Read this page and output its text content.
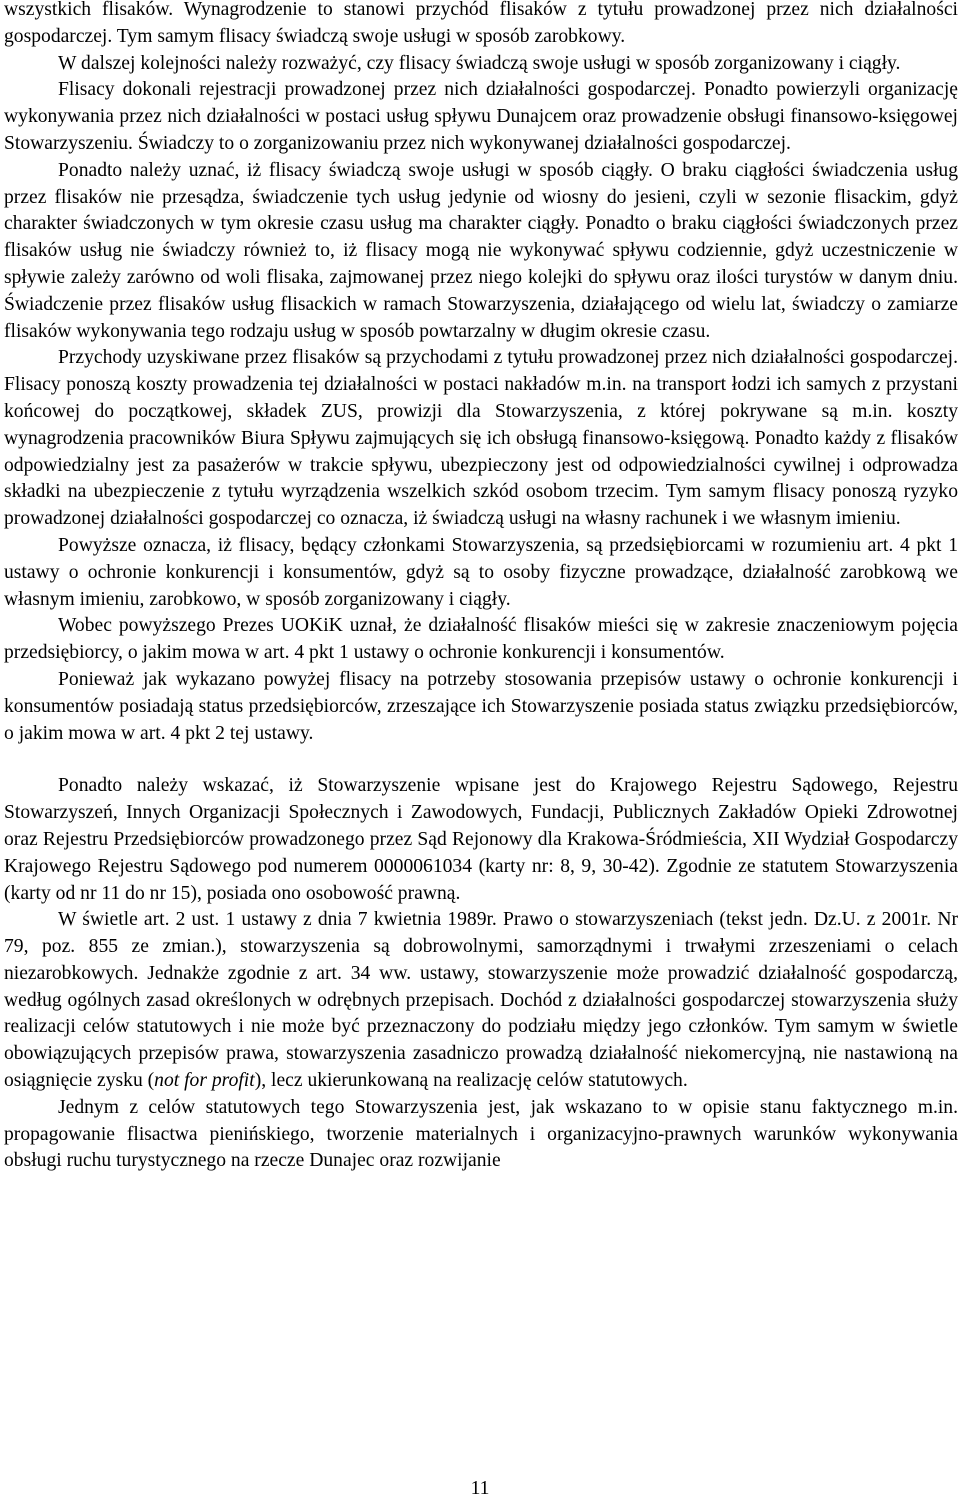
wszystkich flisaków. Wynagrodzenie to stanowi przychód flisaków z tytułu prowadzonej przez nich działalności gospodarczej. Tym samym flisacy świadczą swoje usługi w sposób zarobkowy.

W dalszej kolejności należy rozważyć, czy flisacy świadczą swoje usługi w sposób zorganizowany i ciągły.

Flisacy dokonali rejestracji prowadzonej przez nich działalności gospodarczej. Ponadto powierzyli organizację wykonywania przez nich działalności w postaci usług spływu Dunajcem oraz prowadzenie obsługi finansowo-księgowej Stowarzyszeniu. Świadczy to o zorganizowaniu przez nich wykonywanej działalności gospodarczej.

Ponadto należy uznać, iż flisacy świadczą swoje usługi w sposób ciągły. O braku ciągłości świadczenia usług przez flisaków nie przesądza, świadczenie tych usług jedynie od wiosny do jesieni, czyli w sezonie flisackim, gdyż charakter świadczonych w tym okresie czasu usług ma charakter ciągły. Ponadto o braku ciągłości świadczonych przez flisaków usług nie świadczy również to, iż flisacy mogą nie wykonywać spływu codziennie, gdyż uczestniczenie w spływie zależy zarówno od woli flisaka, zajmowanej przez niego kolejki do spływu oraz ilości turystów w danym dniu. Świadczenie przez flisaków usług flisackich w ramach Stowarzyszenia, działającego od wielu lat, świadczy o zamiarze flisaków wykonywania tego rodzaju usług w sposób powtarzalny w długim okresie czasu.

Przychody uzyskiwane przez flisaków są przychodami z tytułu prowadzonej przez nich działalności gospodarczej. Flisacy ponoszą koszty prowadzenia tej działalności w postaci nakładów m.in. na transport łodzi ich samych z przystani końcowej do początkowej, składek ZUS, prowizji dla Stowarzyszenia, z której pokrywane są m.in. koszty wynagrodzenia pracowników Biura Spływu zajmujących się ich obsługą finansowo-księgową. Ponadto każdy z flisaków odpowiedzialny jest za pasażerów w trakcie spływu, ubezpieczony jest od odpowiedzialności cywilnej i odprowadza składki na ubezpieczenie z tytułu wyrządzenia wszelkich szkód osobom trzecim. Tym samym flisacy ponoszą ryzyko prowadzonej działalności gospodarczej co oznacza, iż świadczą usługi na własny rachunek i we własnym imieniu.

Powyższe oznacza, iż flisacy, będący członkami Stowarzyszenia, są przedsiębiorcami w rozumieniu art. 4 pkt 1 ustawy o ochronie konkurencji i konsumentów, gdyż są to osoby fizyczne prowadzące, działalność zarobkową we własnym imieniu, zarobkowo, w sposób zorganizowany i ciągły.

Wobec powyższego Prezes UOKiK uznał, że działalność flisaków mieści się w zakresie znaczeniowym pojęcia przedsiębiorcy, o jakim mowa w art. 4 pkt 1 ustawy o ochronie konkurencji i konsumentów.

Ponieważ jak wykazano powyżej flisacy na potrzeby stosowania przepisów ustawy o ochronie konkurencji i konsumentów posiadają status przedsiębiorców, zrzeszające ich Stowarzyszenie posiada status związku przedsiębiorców, o jakim mowa w art. 4 pkt 2 tej ustawy.

Ponadto należy wskazać, iż Stowarzyszenie wpisane jest do Krajowego Rejestru Sądowego, Rejestru Stowarzyszeń, Innych Organizacji Społecznych i Zawodowych, Fundacji, Publicznych Zakładów Opieki Zdrowotnej oraz Rejestru Przedsiębiorców prowadzonego przez Sąd Rejonowy dla Krakowa-Śródmieścia, XII Wydział Gospodarczy Krajowego Rejestru Sądowego pod numerem 0000061034 (karty nr: 8, 9, 30-42). Zgodnie ze statutem Stowarzyszenia (karty od nr 11 do nr 15), posiada ono osobowość prawną.

W świetle art. 2 ust. 1 ustawy z dnia 7 kwietnia 1989r. Prawo o stowarzyszeniach (tekst jedn. Dz.U. z 2001r. Nr 79, poz. 855 ze zmian.), stowarzyszenia są dobrowolnymi, samorządnymi i trwałymi zrzeszeniami o celach niezarobkowych. Jednakże zgodnie z art. 34 ww. ustawy, stowarzyszenie może prowadzić działalność gospodarczą, według ogólnych zasad określonych w odrębnych przepisach. Dochód z działalności gospodarczej stowarzyszenia służy realizacji celów statutowych i nie może być przeznaczony do podziału między jego członków. Tym samym w świetle obowiązujących przepisów prawa, stowarzyszenia zasadniczo prowadzą działalność niekomercyjną, nie nastawioną na osiągnięcie zysku (not for profit), lecz ukierunkowaną na realizację celów statutowych.

Jednym z celów statutowych tego Stowarzyszenia jest, jak wskazano to w opisie stanu faktycznego m.in. propagowanie flisactwa pienińskiego, tworzenie materialnych i organizacyjno-prawnych warunków wykonywania obsługi ruchu turystycznego na rzecze Dunajec oraz rozwijanie

11
